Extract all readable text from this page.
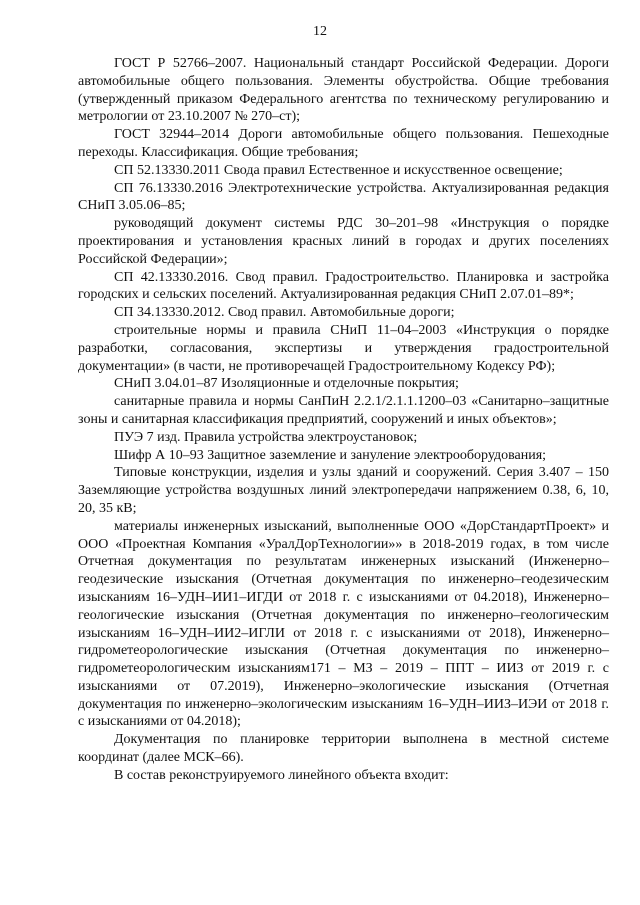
12

ГОСТ Р 52766–2007. Национальный стандарт Российской Федерации. Дороги автомобильные общего пользования. Элементы обустройства. Общие требования (утвержденный приказом Федерального агентства по техническому регулированию и метрологии от 23.10.2007 № 270–ст);

ГОСТ 32944–2014 Дороги автомобильные общего пользования. Пешеходные переходы. Классификация. Общие требования;

СП 52.13330.2011 Свода правил Естественное и искусственное освещение;

СП 76.13330.2016 Электротехнические устройства. Актуализированная редакция СНиП 3.05.06–85;

руководящий документ системы РДС 30–201–98 «Инструкция о порядке проектирования и установления красных линий в городах и других поселениях Российской Федерации»;

СП 42.13330.2016. Свод правил. Градостроительство. Планировка и застройка городских и сельских поселений. Актуализированная редакция СНиП 2.07.01–89*;

СП 34.13330.2012. Свод правил. Автомобильные дороги;

строительные нормы и правила СНиП 11–04–2003 «Инструкция о порядке разработки, согласования, экспертизы и утверждения градостроительной документации» (в части, не противоречащей Градостроительному Кодексу РФ);

СНиП 3.04.01–87 Изоляционные и отделочные покрытия;

санитарные правила и нормы СанПиН 2.2.1/2.1.1.1200–03 «Санитарно–защитные зоны и санитарная классификация предприятий, сооружений и иных объектов»;

ПУЭ 7 изд. Правила устройства электроустановок;

Шифр А 10–93 Защитное заземление и зануление электрооборудования;

Типовые конструкции, изделия и узлы зданий и сооружений. Серия 3.407 – 150 Заземляющие устройства воздушных линий электропередачи напряжением 0.38, 6, 10, 20, 35 кВ;

материалы инженерных изысканий, выполненные ООО «ДорСтандартПроект» и ООО «Проектная Компания «УралДорТехнологии»» в 2018-2019 годах, в том числе Отчетная документация по результатам инженерных изысканий (Инженерно–геодезические изыскания (Отчетная документация по инженерно–геодезическим изысканиям 16–УДН–ИИ1–ИГДИ от 2018 г. с изысканиями от 04.2018), Инженерно–геологические изыскания (Отчетная документация по инженерно–геологическим изысканиям 16–УДН–ИИ2–ИГЛИ от 2018 г. с изысканиями от 2018), Инженерно–гидрометеорологические изыскания (Отчетная документация по инженерно–гидрометеорологическим изысканиям171 – МЗ – 2019 – ППТ – ИИЗ от 2019 г. с изысканиями от 07.2019), Инженерно–экологические изыскания (Отчетная документация по инженерно–экологическим изысканиям 16–УДН–ИИЗ–ИЭИ от 2018 г. с изысканиями от 04.2018);

Документация по планировке территории выполнена в местной системе координат (далее МСК–66).

В состав реконструируемого линейного объекта входит:
